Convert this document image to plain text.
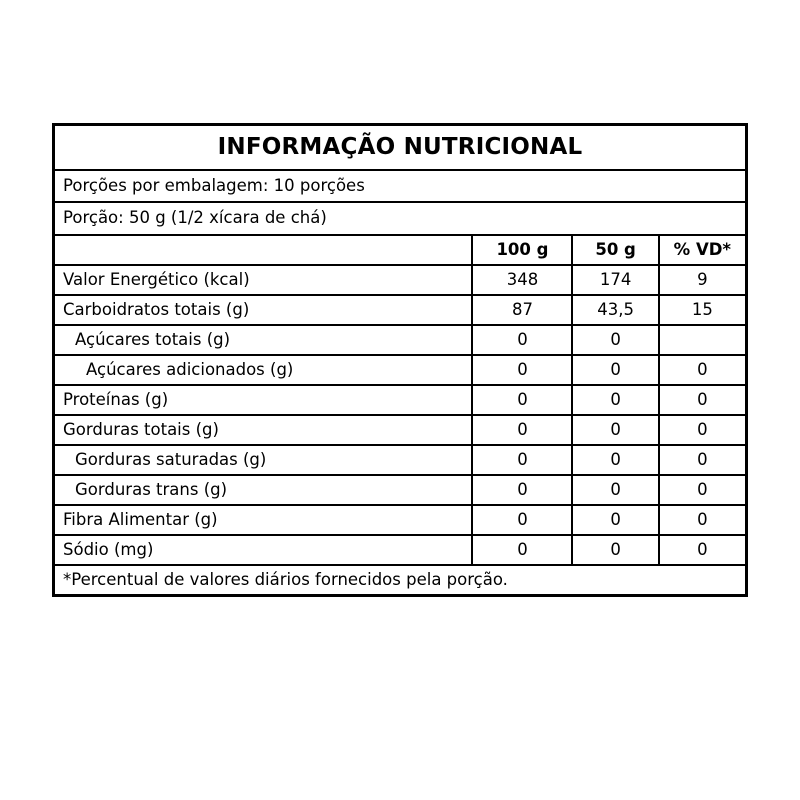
INFORMAÇÃO NUTRICIONAL
Porções por embalagem: 10 porções
Porção: 50 g (1/2 xícara de chá)
	100 g	50 g	% VD*
Valor Energético (kcal)	348	174	9
Carboidratos totais (g)	87	43,5	15
Açúcares totais (g)	0	0	
Açúcares adicionados (g)	0	0	0
Proteínas (g)	0	0	0
Gorduras totais (g)	0	0	0
Gorduras saturadas (g)	0	0	0
Gorduras trans (g)	0	0	0
Fibra Alimentar (g)	0	0	0
Sódio (mg)	0	0	0
*Percentual de valores diários fornecidos pela porção.
